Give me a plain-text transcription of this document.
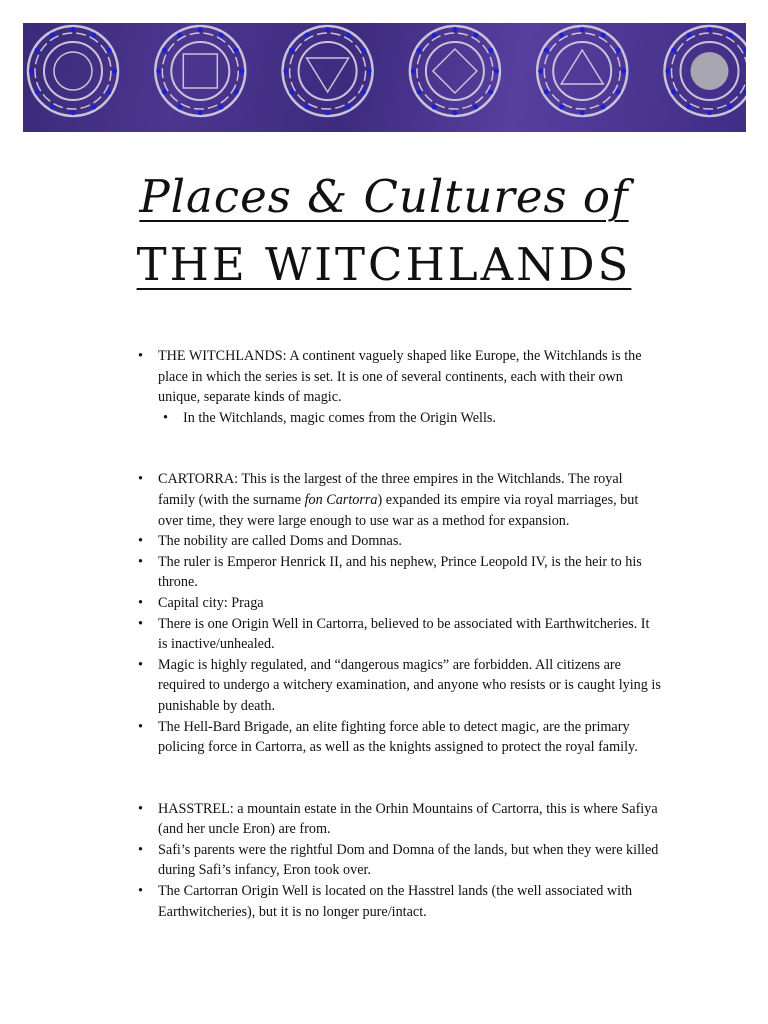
Places & Cultures of
THE WITCHLANDS
• THE WITCHLANDS: A continent vaguely shaped like Europe, the Witchlands is the place in which the series is set. It is one of several continents, each with their own unique, separate kinds of magic.
• In the Witchlands, magic comes from the Origin Wells.
• CARTORRA: This is the largest of the three empires in the Witchlands. The royal family (with the surname fon Cartorra) expanded its empire via royal marriages, but over time, they were large enough to use war as a method for expansion.
• The nobility are called Doms and Domnas.
• The ruler is Emperor Henrick II, and his nephew, Prince Leopold IV, is the heir to his throne.
• Capital city: Praga
• There is one Origin Well in Cartorra, believed to be associated with Earthwitcheries. It is inactive/unhealed.
• Magic is highly regulated, and “dangerous magics” are forbidden. All citizens are required to undergo a witchery examination, and anyone who resists or is caught lying is punishable by death.
• The Hell-Bard Brigade, an elite fighting force able to detect magic, are the primary policing force in Cartorra, as well as the knights assigned to protect the royal family.
• HASSTREL: a mountain estate in the Orhin Mountains of Cartorra, this is where Safiya (and her uncle Eron) are from.
• Safi’s parents were the rightful Dom and Domna of the lands, but when they were killed during Safi’s infancy, Eron took over.
• The Cartorran Origin Well is located on the Hasstrel lands (the well associated with Earthwitcheries), but it is no longer pure/intact.
